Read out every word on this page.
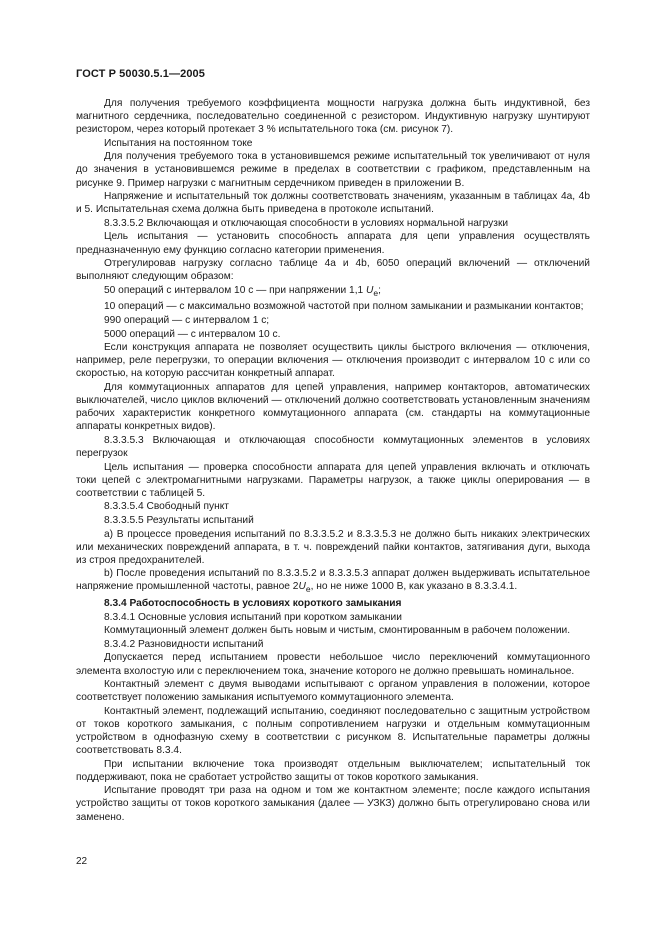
ГОСТ Р 50030.5.1—2005

Для получения требуемого коэффициента мощности нагрузка должна быть индуктивной, без магнитного сердечника, последовательно соединенной с резистором. Индуктивную нагрузку шунтируют резистором, через который протекает 3 % испытательного тока (см. рисунок 7).

Испытания на постоянном токе

Для получения требуемого тока в установившемся режиме испытательный ток увеличивают от нуля до значения в установившемся режиме в пределах в соответствии с графиком, представленным на рисунке 9. Пример нагрузки с магнитным сердечником приведен в приложении В.

Напряжение и испытательный ток должны соответствовать значениям, указанным в таблицах 4а, 4b и 5. Испытательная схема должна быть приведена в протоколе испытаний.

8.3.3.5.2 Включающая и отключающая способности в условиях нормальной нагрузки

Цель испытания — установить способность аппарата для цепи управления осуществлять предназначенную ему функцию согласно категории применения.

Отрегулировав нагрузку согласно таблице 4а и 4b, 6050 операций включений — отключений выполняют следующим образом:

50 операций с интервалом 10 с — при напряжении 1,1 $U_e$;

10 операций — с максимально возможной частотой при полном замыкании и размыкании контактов;

990 операций — с интервалом 1 с;

5000 операций — с интервалом 10 с.

Если конструкция аппарата не позволяет осуществить циклы быстрого включения — отключения, например, реле перегрузки, то операции включения — отключения производит с интервалом 10 с или со скоростью, на которую рассчитан конкретный аппарат.

Для коммутационных аппаратов для цепей управления, например контакторов, автоматических выключателей, число циклов включений — отключений должно соответствовать установленным значениям рабочих характеристик конкретного коммутационного аппарата (см. стандарты на коммутационные аппараты конкретных видов).

8.3.3.5.3 Включающая и отключающая способности коммутационных элементов в условиях перегрузок

Цель испытания — проверка способности аппарата для цепей управления включать и отключать токи цепей с электромагнитными нагрузками. Параметры нагрузок, а также циклы оперирования — в соответствии с таблицей 5.

8.3.3.5.4 Свободный пункт

8.3.3.5.5 Результаты испытаний

а) В процессе проведения испытаний по 8.3.3.5.2 и 8.3.3.5.3 не должно быть никаких электрических или механических повреждений аппарата, в т. ч. повреждений пайки контактов, затягивания дуги, выхода из строя предохранителей.

b) После проведения испытаний по 8.3.3.5.2 и 8.3.3.5.3 аппарат должен выдерживать испытательное напряжение промышленной частоты, равное $2U_e$, но не ниже 1000 В, как указано в 8.3.3.4.1.

8.3.4 Работоспособность в условиях короткого замыкания

8.3.4.1 Основные условия испытаний при коротком замыкании

Коммутационный элемент должен быть новым и чистым, смонтированным в рабочем положении.

8.3.4.2 Разновидности испытаний

Допускается перед испытанием провести небольшое число переключений коммутационного элемента вхолостую или с переключением тока, значение которого не должно превышать номинальное.

Контактный элемент с двумя выводами испытывают с органом управления в положении, которое соответствует положению замыкания испытуемого коммутационного элемента.

Контактный элемент, подлежащий испытанию, соединяют последовательно с защитным устройством от токов короткого замыкания, с полным сопротивлением нагрузки и отдельным коммутационным устройством в однофазную схему в соответствии с рисунком 8. Испытательные параметры должны соответствовать 8.3.4.

При испытании включение тока производят отдельным выключателем; испытательный ток поддерживают, пока не сработает устройство защиты от токов короткого замыкания.

Испытание проводят три раза на одном и том же контактном элементе; после каждого испытания устройство защиты от токов короткого замыкания (далее — УЗКЗ) должно быть отрегулировано снова или заменено.

22
